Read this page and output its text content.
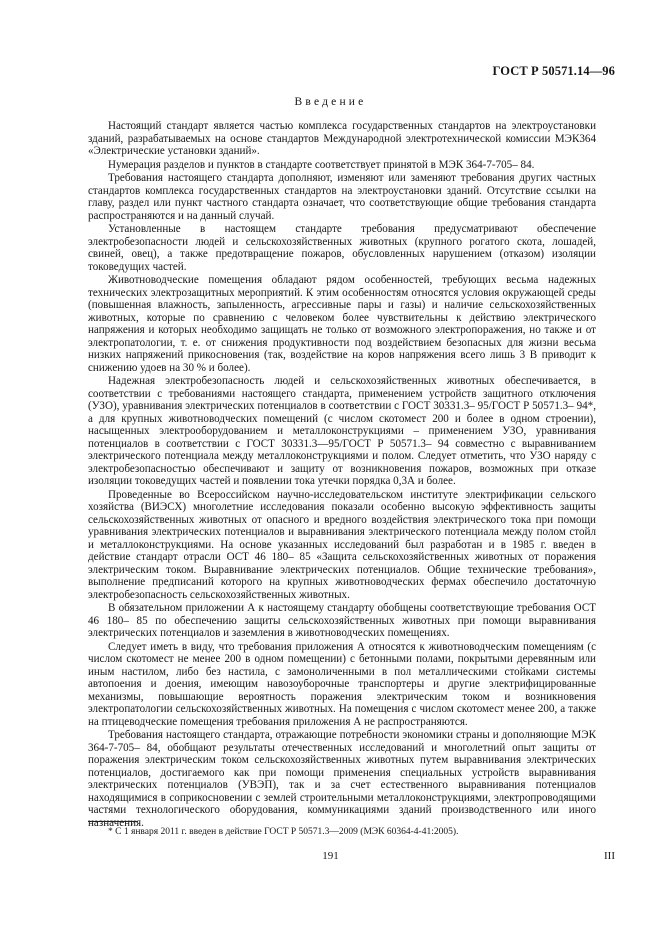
ГОСТ Р 50571.14—96
Введение

Настоящий стандарт является частью комплекса государственных стандартов на электроустановки зданий, разрабатываемых на основе стандартов Международной электротехнической комиссии МЭК364 «Электрические установки зданий».

Нумерация разделов и пунктов в стандарте соответствует принятой в МЭК 364-7-705– 84.

Требования настоящего стандарта дополняют, изменяют или заменяют требования других частных стандартов комплекса государственных стандартов на электроустановки зданий. Отсутствие ссылки на главу, раздел или пункт частного стандарта означает, что соответствующие общие требования стандарта распространяются и на данный случай.

Установленные в настоящем стандарте требования предусматривают обеспечение электробезопасности людей и сельскохозяйственных животных (крупного рогатого скота, лошадей, свиней, овец), а также предотвращение пожаров, обусловленных нарушением (отказом) изоляции токоведущих частей.

Животноводческие помещения обладают рядом особенностей, требующих весьма надежных технических электрозащитных мероприятий. К этим особенностям относятся условия окружающей среды (повышенная влажность, запыленность, агрессивные пары и газы) и наличие сельскохозяйственных животных, которые по сравнению с человеком более чувствительны к действию электрического напряжения и которых необходимо защищать не только от возможного электропоражения, но также и от электропатологии, т. е. от снижения продуктивности под воздействием безопасных для жизни весьма низких напряжений прикосновения (так, воздействие на коров напряжения всего лишь 3 В приводит к снижению удоев на 30 % и более).

Надежная электробезопасность людей и сельскохозяйственных животных обеспечивается, в соответствии с требованиями настоящего стандарта, применением устройств защитного отключения (УЗО), уравнивания электрических потенциалов в соответствии с ГОСТ 30331.3– 95/ГОСТ Р 50571.3– 94*, а для крупных животноводческих помещений (с числом скотомест 200 и более в одном строении), насыщенных электрооборудованием и металлоконструкциями – применением УЗО, уравнивания потенциалов в соответствии с ГОСТ 30331.3—95/ГОСТ Р 50571.3– 94 совместно с выравниванием электрического потенциала между металлоконструкциями и полом. Следует отметить, что УЗО наряду с электробезопасностью обеспечивают и защиту от возникновения пожаров, возможных при отказе изоляции токоведущих частей и появлении тока утечки порядка 0,3А и более.

Проведенные во Всероссийском научно-исследовательском институте электрификации сельского хозяйства (ВИЭСХ) многолетние исследования показали особенно высокую эффективность защиты сельскохозяйственных животных от опасного и вредного воздействия электрического тока при помощи уравнивания электрических потенциалов и выравнивания электрического потенциала между полом стойл и металлоконструкциями. На основе указанных исследований был разработан и в 1985 г. введен в действие стандарт отрасли ОСТ 46 180– 85 «Защита сельскохозяйственных животных от поражения электрическим током. Выравнивание электрических потенциалов. Общие технические требования», выполнение предписаний которого на крупных животноводческих фермах обеспечило достаточную электробезопасность сельскохозяйственных животных.

В обязательном приложении А к настоящему стандарту обобщены соответствующие требования ОСТ 46 180– 85 по обеспечению защиты сельскохозяйственных животных при помощи выравнивания электрических потенциалов и заземления в животноводческих помещениях.

Следует иметь в виду, что требования приложения А относятся к животноводческим помещениям (с числом скотомест не менее 200 в одном помещении) с бетонными полами, покрытыми деревянным или иным настилом, либо без настила, с замоноличенными в пол металлическими стойками системы автопоения и доения, имеющим навозоуборочные транспортеры и другие электрифицированные механизмы, повышающие вероятность поражения электрическим током и возникновения электропатологии сельскохозяйственных животных. На помещения с числом скотомест менее 200, а также на птицеводческие помещения требования приложения А не распространяются.

Требования настоящего стандарта, отражающие потребности экономики страны и дополняющие МЭК 364-7-705– 84, обобщают результаты отечественных исследований и многолетний опыт защиты от поражения электрическим током сельскохозяйственных животных путем выравнивания электрических потенциалов, достигаемого как при помощи применения специальных устройств выравнивания электрических потенциалов (УВЭП), так и за счет естественного выравнивания потенциалов находящимися в соприкосновении с землей строительными металлоконструкциями, электропроводящими частями технологического оборудования, коммуникациями зданий производственного или иного назначения.

* С 1 января 2011 г. введен в действие ГОСТ Р 50571.3—2009 (МЭК 60364-4-41:2005).
191	III
